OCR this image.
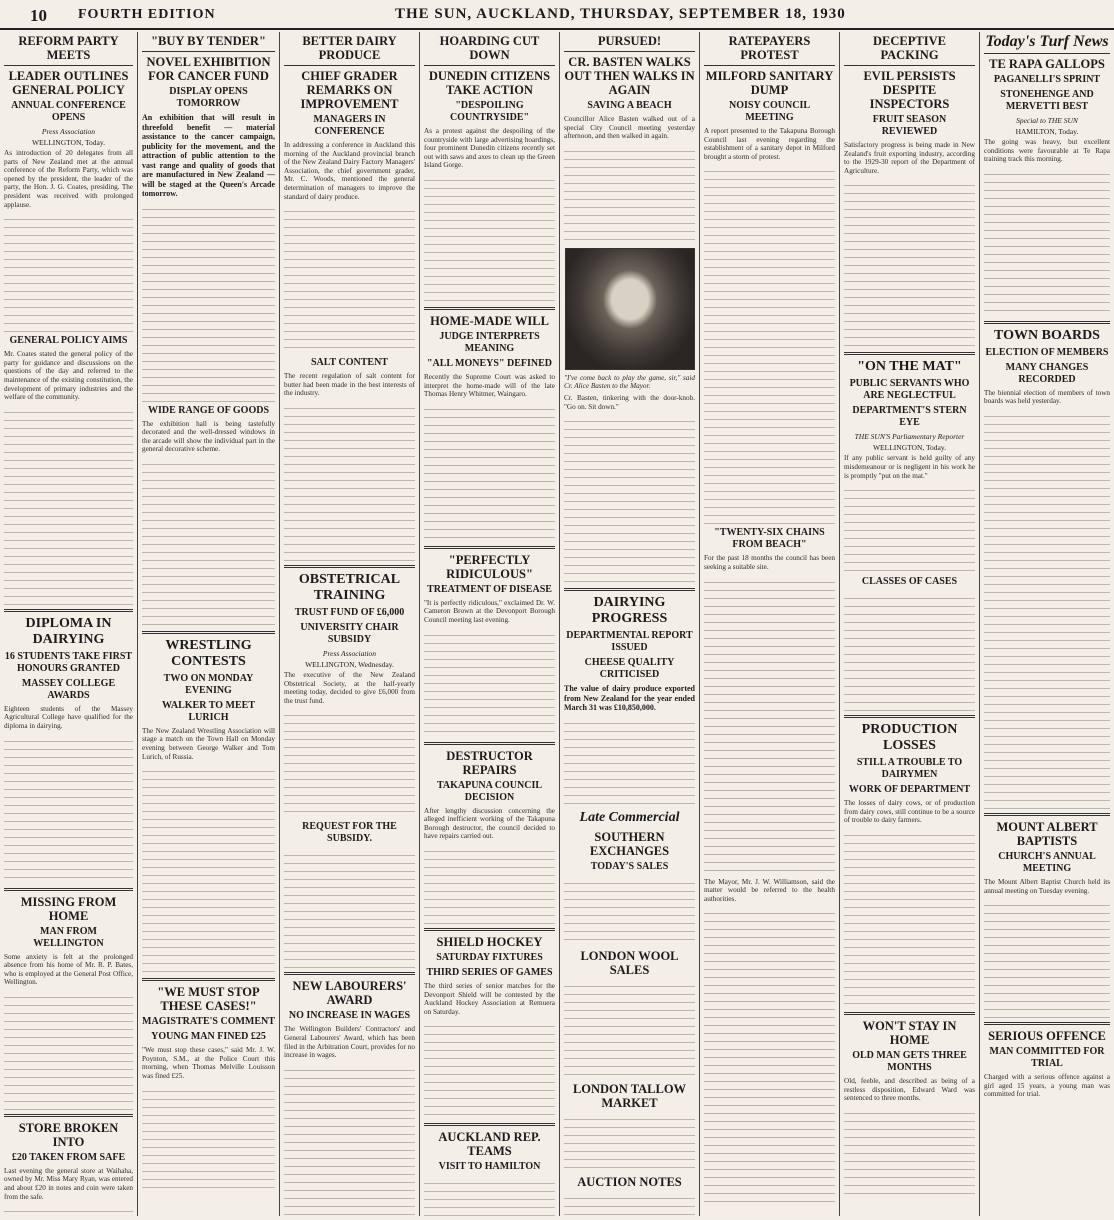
10 FOURTH EDITION	THE SUN, AUCKLAND, THURSDAY, SEPTEMBER 18, 1930
REFORM PARTY MEETS
LEADER OUTLINES GENERAL POLICY
ANNUAL CONFERENCE OPENS
Press Association
WELLINGTON, Today.
As introduction of 20 delegates from all parts of New Zealand met at the annual conference of the Reform Party, which was opened by the president, the leader of the party, the Hon. J. G. Coates, presiding. The president was received with prolonged applause.
GENERAL POLICY AIMS
Mr. Coates stated the general policy of the party for guidance and discussions on the questions of the day and referred to the maintenance of the existing constitution, the development of primary industries and the welfare of the community.
DIPLOMA IN DAIRYING
16 STUDENTS TAKE FIRST HONOURS GRANTED
MASSEY COLLEGE AWARDS
Eighteen students of the Massey Agricultural College have qualified for the diploma in dairying.
MISSING FROM HOME
MAN FROM WELLINGTON
Some anxiety is felt at the prolonged absence from his home of Mr. R. P. Bates, who is employed at the General Post Office, Wellington.
STORE BROKEN INTO
£20 TAKEN FROM SAFE
Last evening the general store at Waihaha, owned by Mr. Miss Mary Ryan, was entered and about £20 in notes and coin were taken from the safe.
"BUY BY TENDER"
NOVEL EXHIBITION FOR CANCER FUND
DISPLAY OPENS TOMORROW
An exhibition that will result in threefold benefit — material assistance to the cancer campaign, publicity for the movement, and the attraction of public attention to the vast range and quality of goods that are manufactured in New Zealand — will be staged at the Queen's Arcade tomorrow.
WIDE RANGE OF GOODS
The exhibition hall is being tastefully decorated and the well-dressed windows in the arcade will show the individual part in the general decorative scheme.
WRESTLING CONTESTS
TWO ON MONDAY EVENING
WALKER TO MEET LURICH
The New Zealand Wrestling Association will stage a match on the Town Hall on Monday evening between George Walker and Tom Lurich, of Russia.
"WE MUST STOP THESE CASES!"
MAGISTRATE'S COMMENT
YOUNG MAN FINED £25
"We must stop these cases," said Mr. J. W. Poynton, S.M., at the Police Court this morning, when Thomas Melville Louisson was fined £25.
BETTER DAIRY PRODUCE
CHIEF GRADER REMARKS ON IMPROVEMENT
MANAGERS IN CONFERENCE
In addressing a conference in Auckland this morning of the Auckland provincial branch of the New Zealand Dairy Factory Managers' Association, the chief government grader, Mr. C. Woods, mentioned the general determination of managers to improve the standard of dairy produce.
SALT CONTENT
The recent regulation of salt content for butter had been made in the best interests of the industry.
OBSTETRICAL TRAINING
TRUST FUND OF £6,000
UNIVERSITY CHAIR SUBSIDY
Press Association
WELLINGTON, Wednesday.
The executive of the New Zealand Obstetrical Society, at the half-yearly meeting today, decided to give £6,000 from the trust fund.
REQUEST FOR THE SUBSIDY.
NEW LABOURERS' AWARD
NO INCREASE IN WAGES
The Wellington Builders' Contractors' and General Labourers' Award, which has been filed in the Arbitration Court, provides for no increase in wages.
HOARDING CUT DOWN
DUNEDIN CITIZENS TAKE ACTION
"DESPOILING COUNTRYSIDE"
As a protest against the despoiling of the countryside with large advertising hoardings, four prominent Dunedin citizens recently set out with saws and axes to clean up the Green Island Gorge.
HOME-MADE WILL
JUDGE INTERPRETS MEANING
"ALL MONEYS" DEFINED
Recently the Supreme Court was asked to interpret the home-made will of the late Thomas Henry Whitmer, Waingaro.
"PERFECTLY RIDICULOUS"
TREATMENT OF DISEASE
"It is perfectly ridiculous," exclaimed Dr. W. Cameron Brown at the Devonport Borough Council meeting last evening.
DESTRUCTOR REPAIRS
TAKAPUNA COUNCIL DECISION
After lengthy discussion concerning the alleged inefficient working of the Takapuna Borough destructor, the council decided to have repairs carried out.
SHIELD HOCKEY
SATURDAY FIXTURES
THIRD SERIES OF GAMES
The third series of senior matches for the Devonport Shield will be contested by the Auckland Hockey Association at Remuera on Saturday.
AUCKLAND REP. TEAMS
VISIT TO HAMILTON
PURSUED!
CR. BASTEN WALKS OUT THEN WALKS IN AGAIN
SAVING A BEACH
Councillor Alice Basten walked out of a special City Council meeting yesterday afternoon, and then walked in again.
"I've come back to play the game, sir," said Cr. Alice Basten to the Mayor.
Cr. Basten, tinkering with the door-knob. "Go on. Sit down."
DAIRYING PROGRESS
DEPARTMENTAL REPORT ISSUED
CHEESE QUALITY CRITICISED
The value of dairy produce exported from New Zealand for the year ended March 31 was £10,850,000.
Late Commercial
SOUTHERN EXCHANGES
TODAY'S SALES
LONDON WOOL SALES
LONDON TALLOW MARKET
AUCTION NOTES
RATEPAYERS PROTEST
MILFORD SANITARY DUMP
NOISY COUNCIL MEETING
A report presented to the Takapuna Borough Council last evening regarding the establishment of a sanitary depot in Milford brought a storm of protest.
"TWENTY-SIX CHAINS FROM BEACH"
For the past 18 months the council has been seeking a suitable site.
The Mayor, Mr. J. W. Williamson, said the matter would be referred to the health authorities.
DECEPTIVE PACKING
EVIL PERSISTS DESPITE INSPECTORS
FRUIT SEASON REVIEWED
Satisfactory progress is being made in New Zealand's fruit exporting industry, according to the 1929-30 report of the Department of Agriculture.
"ON THE MAT"
PUBLIC SERVANTS WHO ARE NEGLECTFUL
DEPARTMENT'S STERN EYE
THE SUN'S Parliamentary Reporter
WELLINGTON, Today.
If any public servant is held guilty of any misdemeanour or is negligent in his work he is promptly "put on the mat."
CLASSES OF CASES
PRODUCTION LOSSES
STILL A TROUBLE TO DAIRYMEN
WORK OF DEPARTMENT
The losses of dairy cows, or of production from dairy cows, still continue to be a source of trouble to dairy farmers.
WON'T STAY IN HOME
OLD MAN GETS THREE MONTHS
Old, feeble, and described as being of a restless disposition, Edward Ward was sentenced to three months.
Today's Turf News
TE RAPA GALLOPS
PAGANELLI'S SPRINT
STONEHENGE AND MERVETTI BEST
Special to THE SUN
HAMILTON, Today.
The going was heavy, but excellent conditions were favourable at Te Rapa training track this morning.
TOWN BOARDS
ELECTION OF MEMBERS
MANY CHANGES RECORDED
The biennial election of members of town boards was held yesterday.
MOUNT ALBERT BAPTISTS
CHURCH'S ANNUAL MEETING
The Mount Albert Baptist Church held its annual meeting on Tuesday evening.
SERIOUS OFFENCE
MAN COMMITTED FOR TRIAL
Charged with a serious offence against a girl aged 15 years, a young man was committed for trial.
